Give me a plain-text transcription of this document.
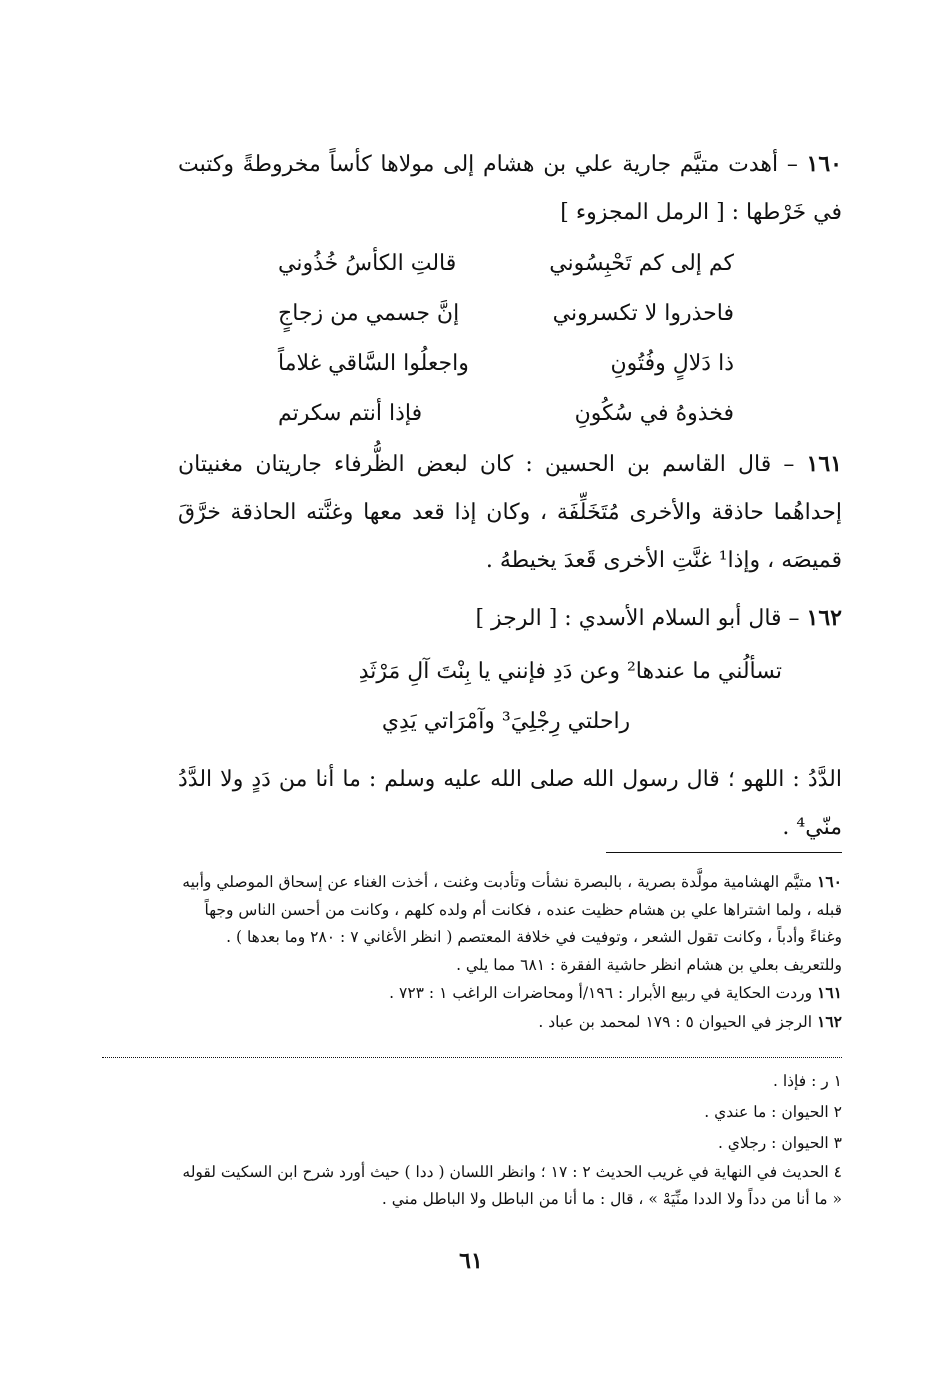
١٦٠ – أهدت متيَّم جارية علي بن هشام إلى مولاها كأساً مخروطةً وكتبت في خَرْطها : [ الرمل المجزوء ]
قالتِ الكأسُ خُذُوني	كم إلى كم تَحْبِسُوني
إنَّ جسمي من زجاجٍ	فاحذروا لا تكسروني
واجعلُوا السَّاقي غلاماً	ذا دَلالٍ وفُتُونِ
فإذا أنتم سكرتم	فخذوهُ في سُكُونِ
١٦١ – قال القاسم بن الحسين : كان لبعض الظُّرفاء جاريتان مغنيتان إحداهُما حاذقة والأخرى مُتَخَلِّفَة ، وكان إذا قعد معها وغنَّته الحاذقة خرَّقَ قميصَه ، وإذا¹ غنَّتِ الأخرى قَعدَ يخيطهُ .
١٦٢ – قال أبو السلام الأسدي : [ الرجز ]
تسألُني ما عندها² وعن دَدِ فإنني يا بِنْتَ آلِ مَرْثَدِ
راحلتي رِجْلِيَ³ وآمْرَاتي يَدِي
الدَّدُ : اللهو ؛ قال رسول الله صلى الله عليه وسلم : ما أنا من دَدٍ ولا الدَّدُ منّي⁴ .
١٦٠ متيَّم الهشامية مولَّدة بصرية ، بالبصرة نشأت وتأدبت وغنت ، أخذت الغناء عن إسحاق الموصلي وأبيه قبله ، ولما اشتراها علي بن هشام حظيت عنده ، فكانت أم ولده كلهم ، وكانت من أحسن الناس وجهاً وغناءً وأدباً ، وكانت تقول الشعر ، وتوفيت في خلافة المعتصم ( انظر الأغاني ٧ : ٢٨٠ وما بعدها ) . وللتعريف بعلي بن هشام انظر حاشية الفقرة : ٦٨١ مما يلي .
١٦١ وردت الحكاية في ربيع الأبرار : ١٩٦/أ ومحاضرات الراغب ١ : ٧٢٣ .
١٦٢ الرجز في الحيوان ٥ : ١٧٩ لمحمد بن عباد .
١ ر : فإذا .
٢ الحيوان : ما عندي .
٣ الحيوان : رجلاي .
٤ الحديث في النهاية في غريب الحديث ٢ : ١٧ ؛ وانظر اللسان ( ددا ) حيث أورد شرح ابن السكيت لقوله « ما أنا من دداً ولا الددا منِّيَهْ » ، قال : ما أنا من الباطل ولا الباطل مني .
٦١
